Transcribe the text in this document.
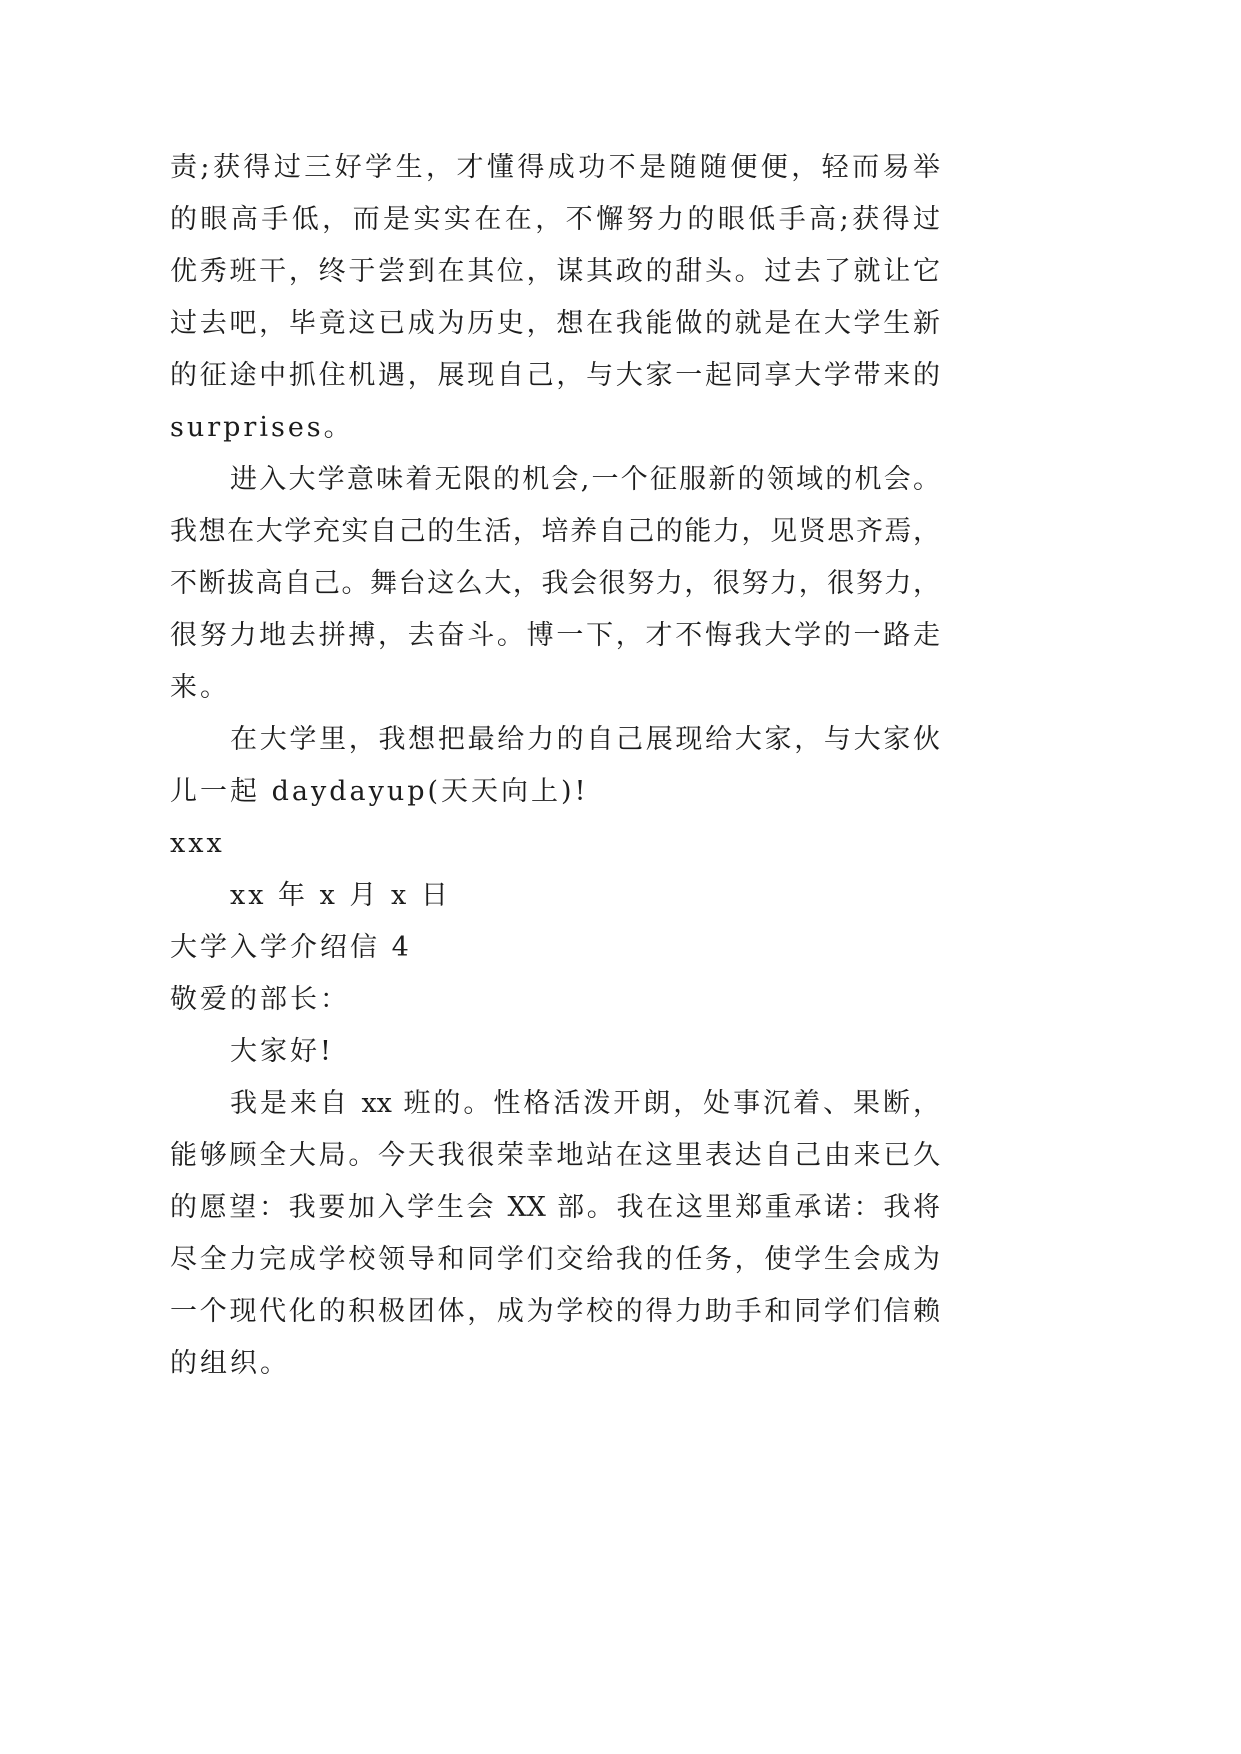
责;获得过三好学生，才懂得成功不是随随便便，轻而易举
的眼高手低，而是实实在在，不懈努力的眼低手高;获得过
优秀班干，终于尝到在其位，谋其政的甜头。过去了就让它
过去吧，毕竟这已成为历史，想在我能做的就是在大学生新
的征途中抓住机遇，展现自己，与大家一起同享大学带来的
surprises。
进入大学意味着无限的机会,一个征服新的领域的机会。
我想在大学充实自己的生活，培养自己的能力，见贤思齐焉，
不断拔高自己。舞台这么大，我会很努力，很努力，很努力，
很努力地去拼搏，去奋斗。博一下，才不悔我大学的一路走
来。
在大学里，我想把最给力的自己展现给大家，与大家伙
儿一起 daydayup(天天向上)!
xxx
xx 年 x 月 x 日
大学入学介绍信 4
敬爱的部长：
大家好!
我是来自 xx 班的。性格活泼开朗，处事沉着、果断，
能够顾全大局。今天我很荣幸地站在这里表达自己由来已久
的愿望：我要加入学生会 XX 部。我在这里郑重承诺：我将
尽全力完成学校领导和同学们交给我的任务，使学生会成为
一个现代化的积极团体，成为学校的得力助手和同学们信赖
的组织。
